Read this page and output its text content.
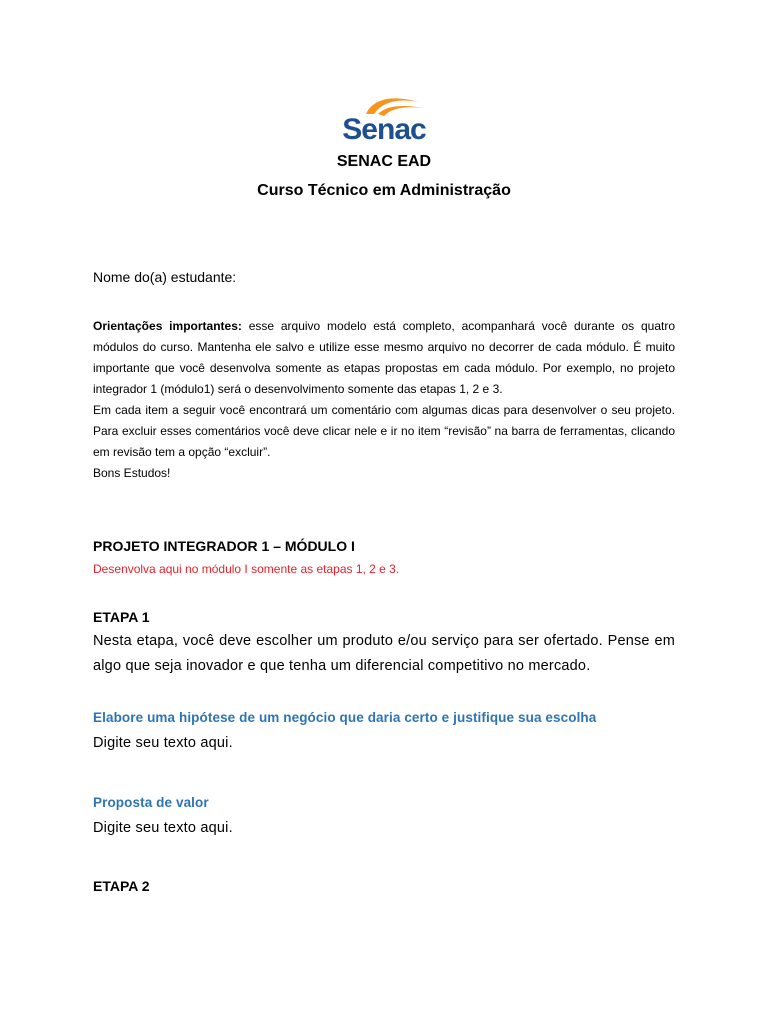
Senac
SENAC EAD
Curso Técnico em Administração
Nome do(a) estudante:

Orientações importantes: esse arquivo modelo está completo, acompanhará você durante os quatro módulos do curso. Mantenha ele salvo e utilize esse mesmo arquivo no decorrer de cada módulo. É muito importante que você desenvolva somente as etapas propostas em cada módulo. Por exemplo, no projeto integrador 1 (módulo1) será o desenvolvimento somente das etapas 1, 2 e 3.

Em cada item a seguir você encontrará um comentário com algumas dicas para desenvolver o seu projeto. Para excluir esses comentários você deve clicar nele e ir no item “revisão” na barra de ferramentas, clicando em revisão tem a opção “excluir”.

Bons Estudos!

PROJETO INTEGRADOR 1 – MÓDULO I
Desenvolva aqui no módulo I somente as etapas 1, 2 e 3.
ETAPA 1
Nesta etapa, você deve escolher um produto e/ou serviço para ser ofertado. Pense em algo que seja inovador e que tenha um diferencial competitivo no mercado.
Elabore uma hipótese de um negócio que daria certo e justifique sua escolha
Digite seu texto aqui.
Proposta de valor
Digite seu texto aqui.
ETAPA 2
